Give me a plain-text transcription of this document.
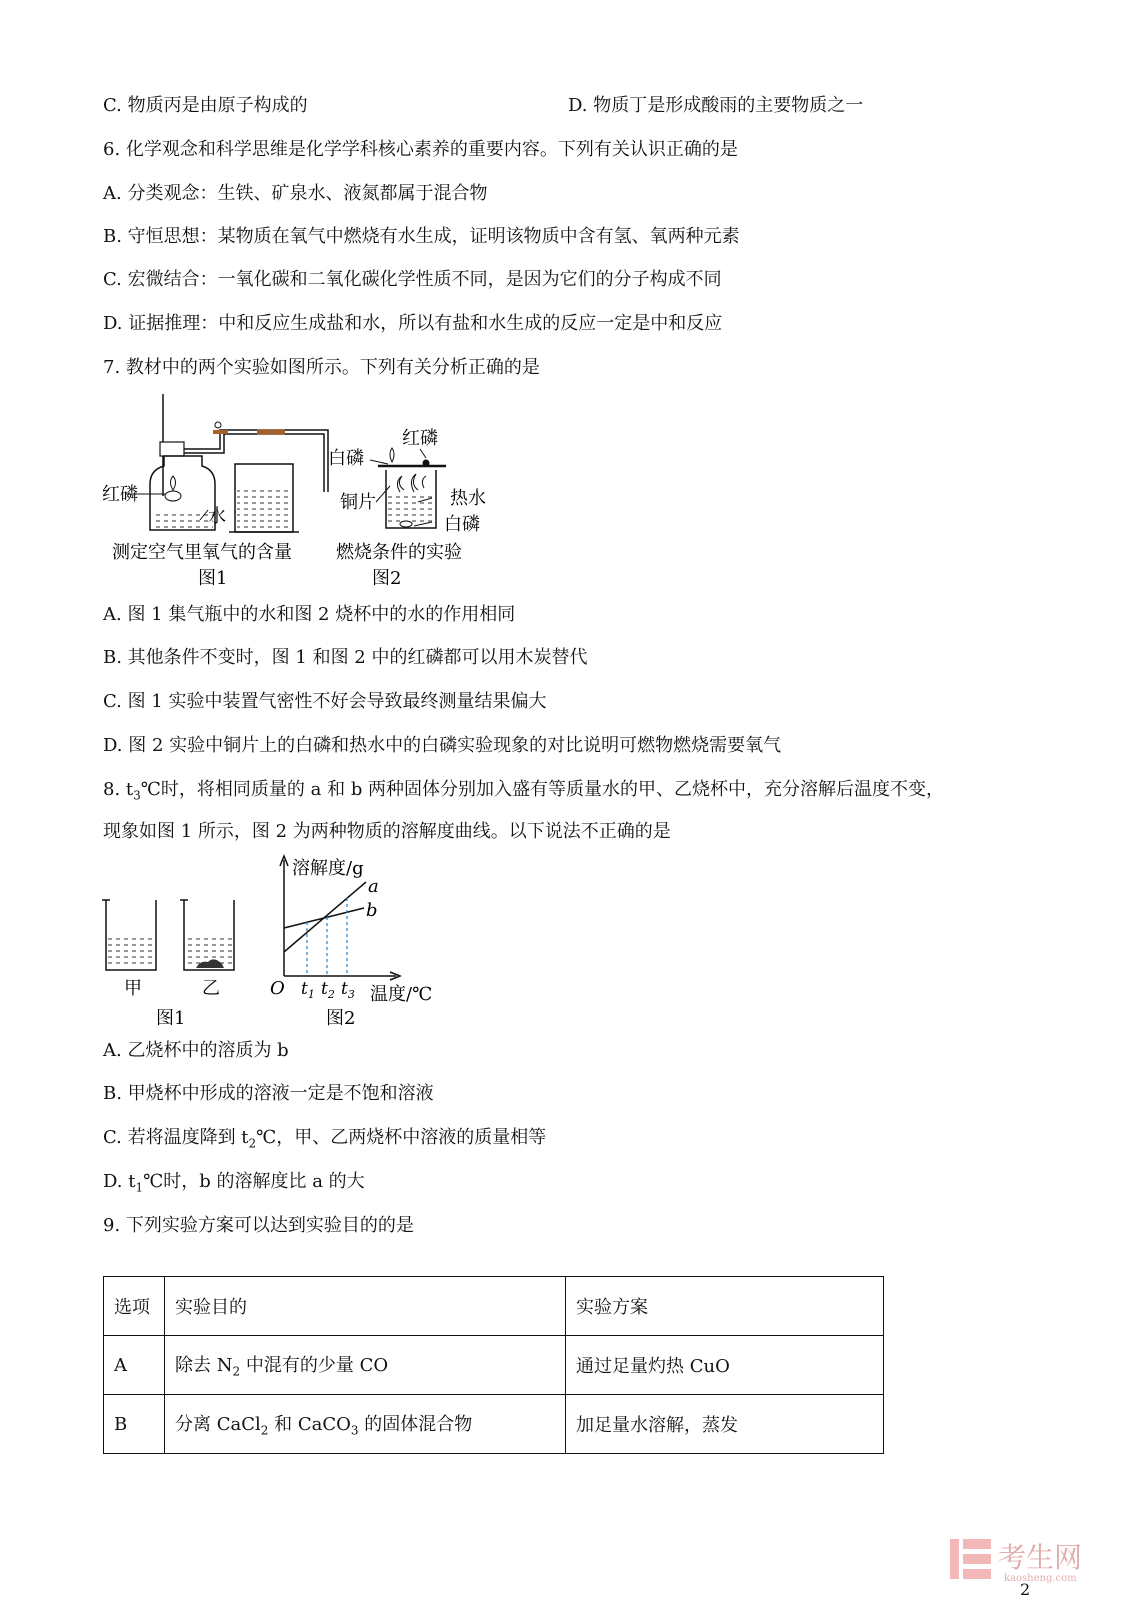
C. 物质丙是由原子构成的	D. 物质丁是形成酸雨的主要物质之一
6. 化学观念和科学思维是化学学科核心素养的重要内容。下列有关认识正确的是
A. 分类观念：生铁、矿泉水、液氮都属于混合物
B. 守恒思想：某物质在氧气中燃烧有水生成，证明该物质中含有氢、氧两种元素
C. 宏微结合：一氧化碳和二氧化碳化学性质不同，是因为它们的分子构成不同
D. 证据推理：中和反应生成盐和水，所以有盐和水生成的反应一定是中和反应
7. 教材中的两个实验如图所示。下列有关分析正确的是
红磷
水
测定空气里氧气的含量
图1
红磷
白磷
铜片	热水
白磷
燃烧条件的实验
图2
A. 图 1 集气瓶中的水和图 2 烧杯中的水的作用相同
B. 其他条件不变时，图 1 和图 2 中的红磷都可以用木炭替代
C. 图 1 实验中装置气密性不好会导致最终测量结果偏大
D. 图 2 实验中铜片上的白磷和热水中的白磷实验现象的对比说明可燃物燃烧需要氧气
8. $t_3℃$时，将相同质量的 a 和 b 两种固体分别加入盛有等质量水的甲、乙烧杯中，充分溶解后温度不变，
现象如图 1 所示，图 2 为两种物质的溶解度曲线。以下说法不正确的是
甲	乙
图1
溶解度/g
a
b
O $t_1$ $t_2$ $t_3$ 温度/℃
图2
A. 乙烧杯中的溶质为 b
B. 甲烧杯中形成的溶液一定是不饱和溶液
C. 若将温度降到 $t_2℃$，甲、乙两烧杯中溶液的质量相等
D. $t_1℃$时，b 的溶解度比 a 的大
9. 下列实验方案可以达到实验目的的是
选项	实验目的	实验方案
A	除去 $N_2$ 中混有的少量 CO	通过足量灼热 CuO
B	分离 CaCl$_2$ 和 CaCO$_3$ 的固体混合物	加足量水溶解，蒸发
考生网
kaosheng.com
2
